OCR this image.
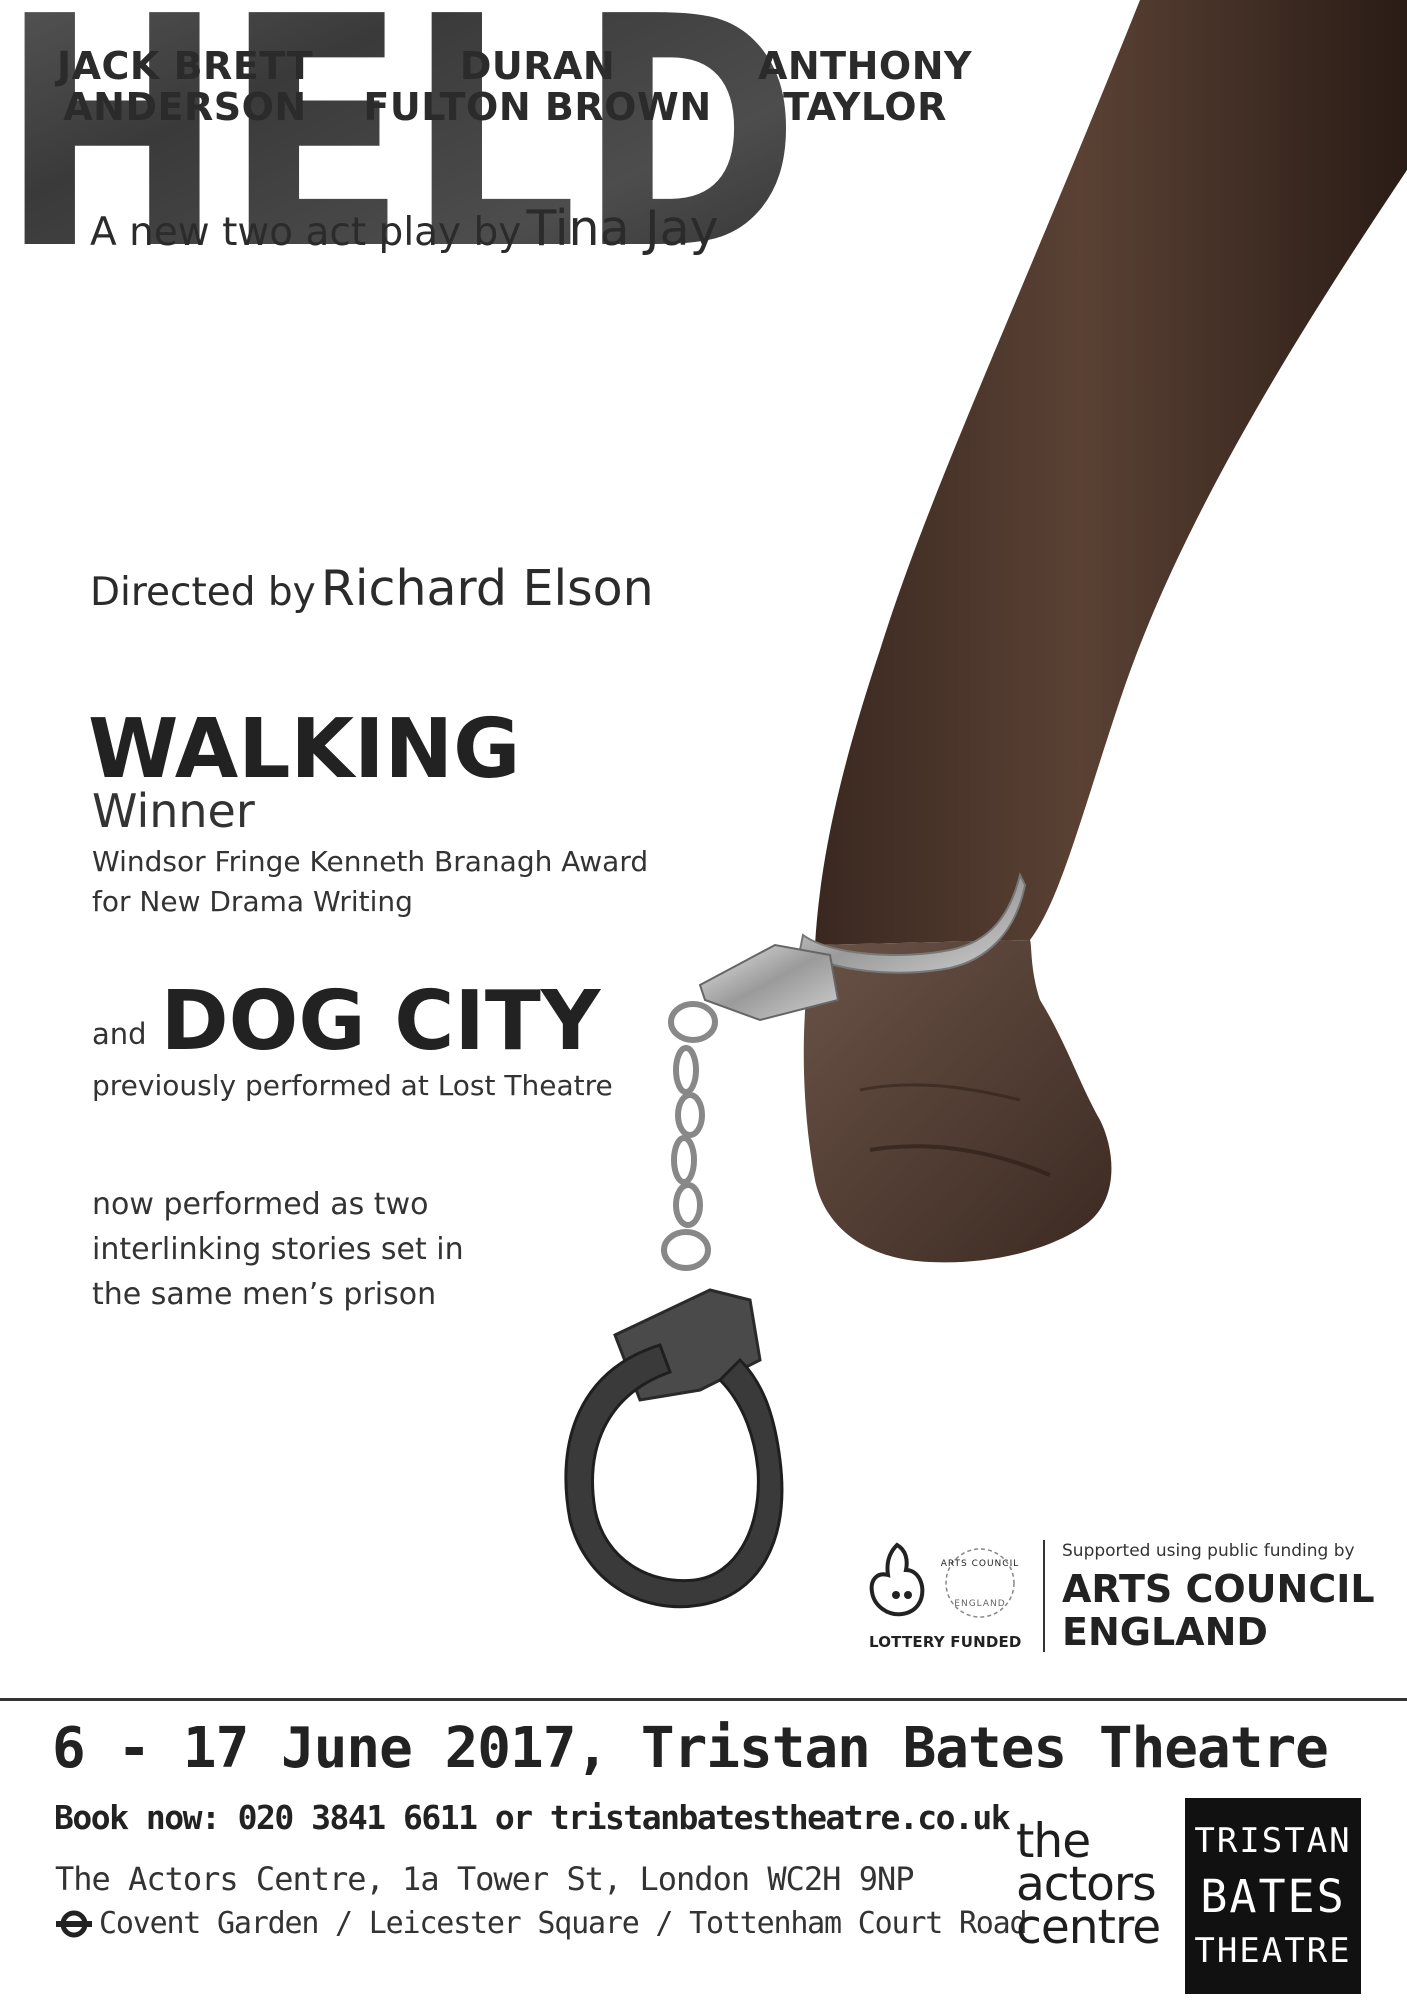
JACK BRETT
ANDERSON
DURAN
FULTON BROWN
ANTHONY
TAYLOR
A new two act play by Tina Jay
HELD
Directed by Richard Elson
WALKING
Winner
Windsor Fringe Kenneth Branagh Award
for New Drama Writing
and DOG CITY
previously performed at Lost Theatre
now performed as two
interlinking stories set in
the same men’s prison
ARTS COUNCIL
ENGLAND
LOTTERY FUNDED
Supported using public funding by
ARTS COUNCIL
ENGLAND
6 - 17 June 2017, Tristan Bates Theatre
Book now: 020 3841 6611 or tristanbatestheatre.co.uk
The Actors Centre, 1a Tower St, London WC2H 9NP
Covent Garden / Leicester Square / Tottenham Court Road
the
actors
centre
TRISTAN
BATES
THEATRE
